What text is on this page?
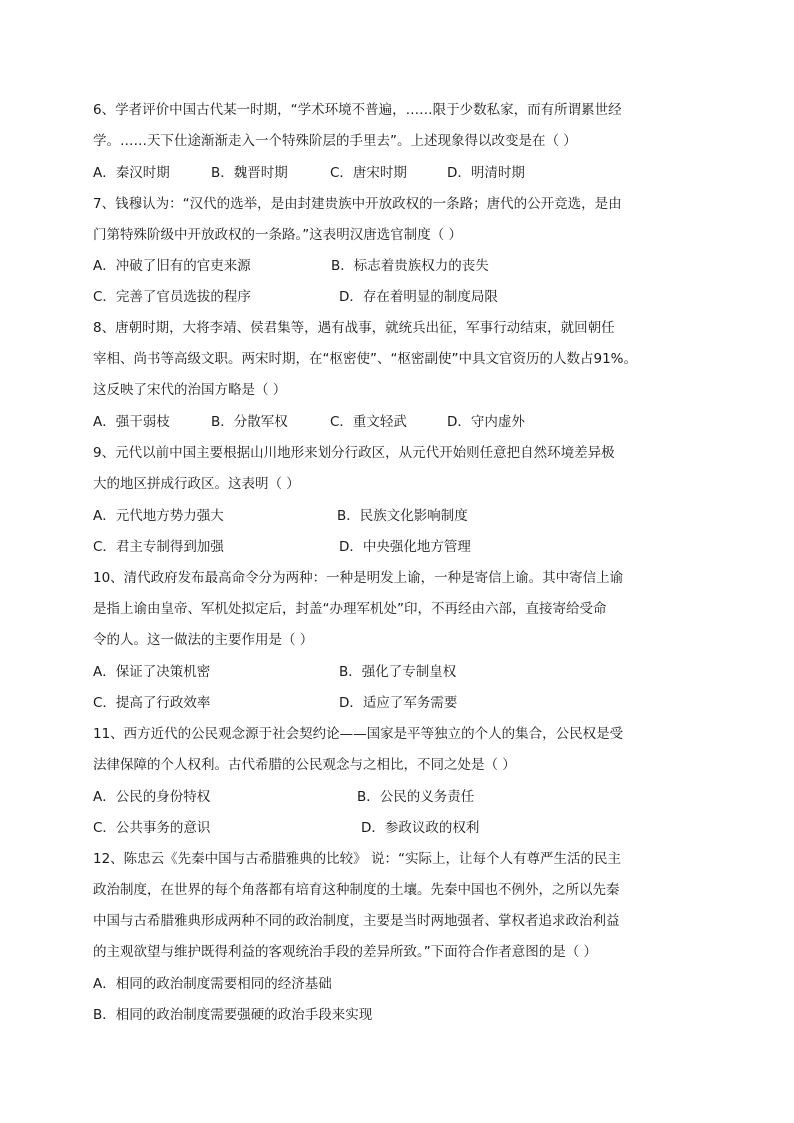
6、学者评价中国古代某一时期，“学术环境不普遍，……限于少数私家，而有所谓累世经
学。……天下仕途渐渐走入一个特殊阶层的手里去”。上述现象得以改变是在（ ）
A．秦汉时期	B．魏晋时期	C．唐宋时期	D．明清时期
7、钱穆认为：“汉代的选举，是由封建贵族中开放政权的一条路；唐代的公开竞选，是由
门第特殊阶级中开放政权的一条路。”这表明汉唐选官制度（ ）
A．冲破了旧有的官吏来源	B．标志着贵族权力的丧失
C．完善了官员选拔的程序	D．存在着明显的制度局限
8、唐朝时期，大将李靖、侯君集等，遇有战事，就统兵出征，军事行动结束，就回朝任
宰相、尚书等高级文职。两宋时期，在“枢密使”、“枢密副使”中具文官资历的人数占91%。
这反映了宋代的治国方略是（ ）
A．强干弱枝	B．分散军权	C．重文轻武	D．守内虚外
9、元代以前中国主要根据山川地形来划分行政区，从元代开始则任意把自然环境差异极
大的地区拼成行政区。这表明（ ）
A．元代地方势力强大	B．民族文化影响制度
C．君主专制得到加强	D．中央强化地方管理
10、清代政府发布最高命令分为两种：一种是明发上谕，一种是寄信上谕。其中寄信上谕
是指上谕由皇帝、军机处拟定后，封盖“办理军机处”印，不再经由六部，直接寄给受命
令的人。这一做法的主要作用是（ ）
A．保证了决策机密	B．强化了专制皇权
C．提高了行政效率	D．适应了军务需要
11、西方近代的公民观念源于社会契约论——国家是平等独立的个人的集合，公民权是受
法律保障的个人权利。古代希腊的公民观念与之相比，不同之处是（ ）
A．公民的身份特权	B．公民的义务责任
C．公共事务的意识	D．参政议政的权利
12、陈忠云《先秦中国与古希腊雅典的比较》 说：“实际上，让每个人有尊严生活的民主
政治制度，在世界的每个角落都有培育这种制度的土壤。先秦中国也不例外，之所以先秦
中国与古希腊雅典形成两种不同的政治制度，主要是当时两地强者、掌权者追求政治利益
的主观欲望与维护既得利益的客观统治手段的差异所致。”下面符合作者意图的是（ ）
A．相同的政治制度需要相同的经济基础
B．相同的政治制度需要强硬的政治手段来实现
